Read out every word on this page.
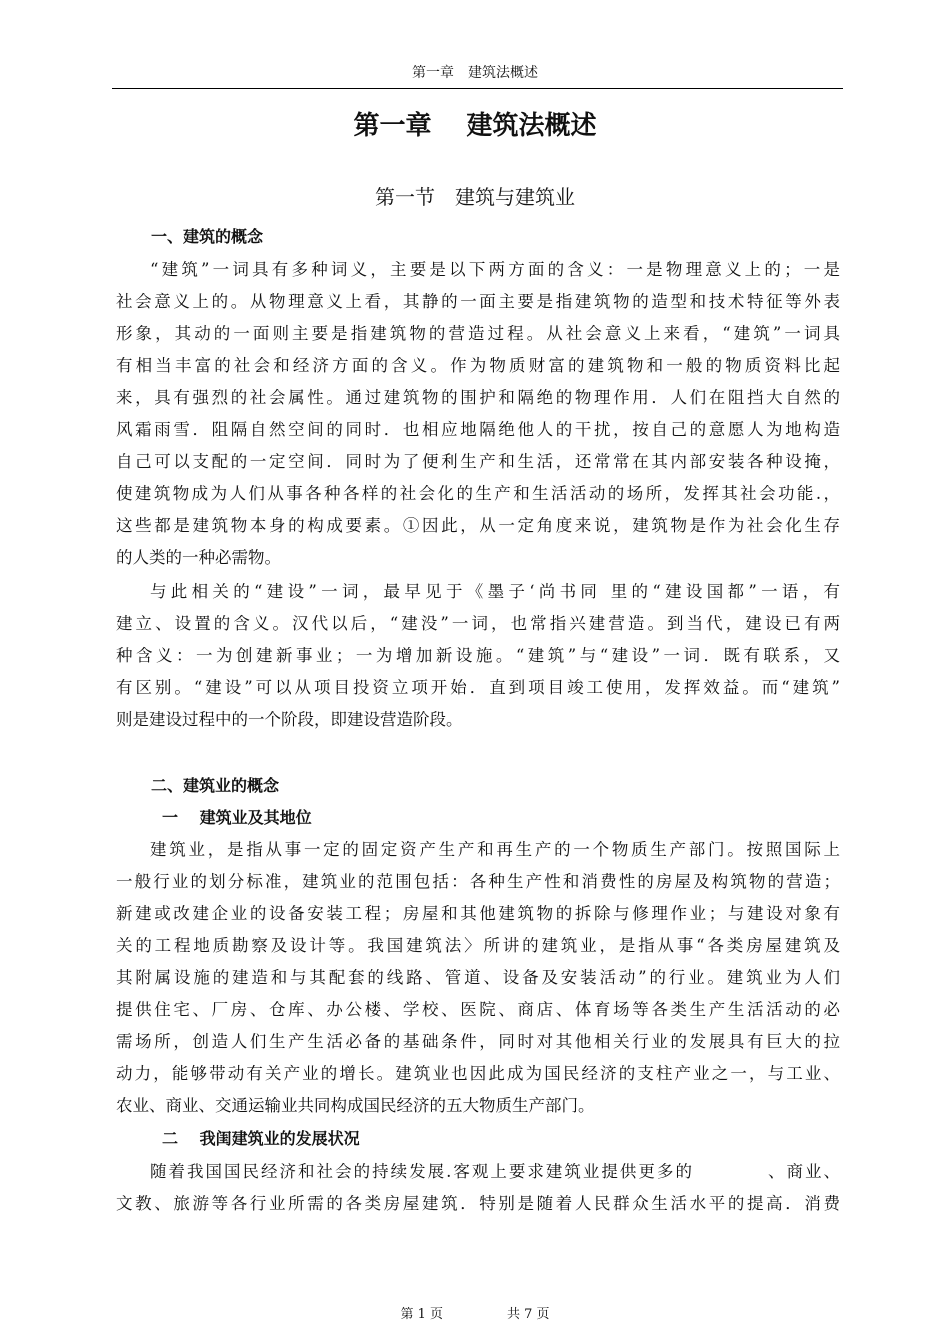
第一章　建筑法概述
第一章　 建筑法概述
第一节　建筑与建筑业
一、建筑的概念
“建筑”一词具有多种词义，主要是以下两方面的含义：一是物理意义上的；一是
社会意义上的。从物理意义上看，其静的一面主要是指建筑物的造型和技术特征等外表
形象，其动的一面则主要是指建筑物的营造过程。从社会意义上来看，“建筑”一词具
有相当丰富的社会和经济方面的含义。作为物质财富的建筑物和一般的物质资料比起
来，具有强烈的社会属性。通过建筑物的围护和隔绝的物理作用．人们在阻挡大自然的
风霜雨雪．阻隔自然空间的同时．也相应地隔绝他人的干扰，按自己的意愿人为地构造
自己可以支配的一定空间．同时为了便利生产和生活，还常常在其内部安装各种设掩，
使建筑物成为人们从事各种各样的社会化的生产和生活活动的场所，发挥其社会功能.，
这些都是建筑物本身的构成要素。①因此，从一定角度来说，建筑物是作为社会化生存
的人类的一种必需物。
与此相关的“建设”一词，最早见于《墨子‘尚书同 里的“建设国都”一语，有
建立、设置的含义。汉代以后，“建没”一词，也常指兴建营造。到当代，建设已有两
种含义：一为创建新事业；一为增加新设施。“建筑”与“建设”一词．既有联系，又
有区别。“建设”可以从项目投资立项开始．直到项目竣工使用，发挥效益。而“建筑”
则是建设过程中的一个阶段，即建设营造阶段。
二、建筑业的概念
一　 建筑业及其地位
建筑业，是指从事一定的固定资产生产和再生产的一个物质生产部门。按照国际上
一般行业的划分标准，建筑业的范围包括：各种生产性和消费性的房屋及构筑物的营造；
新建或改建企业的设备安装工程；房屋和其他建筑物的拆除与修理作业；与建设对象有
关的工程地质勘察及设计等。我国建筑法〉所讲的建筑业，是指从事“各类房屋建筑及
其附属设施的建造和与其配套的线路、管道、设备及安装活动”的行业。建筑业为人们
提供住宅、厂房、仓库、办公楼、学校、医院、商店、体育场等各类生产生活活动的必
需场所，创造人们生产生活必备的基础条件，同时对其他相关行业的发展具有巨大的拉
动力，能够带动有关产业的增长。建筑业也因此成为国民经济的支柱产业之一，与工业、
农业、商业、交通运输业共同构成国民经济的五大物质生产部门。
二　 我闺建筑业的发展状况
随着我国国民经济和社会的持续发展.客观上要求建筑业提供更多的　　　　、商业、
文教、旅游等各行业所需的各类房屋建筑．特别是随着人民群众生活水平的提高．消费
第 1 页	共 7 页
